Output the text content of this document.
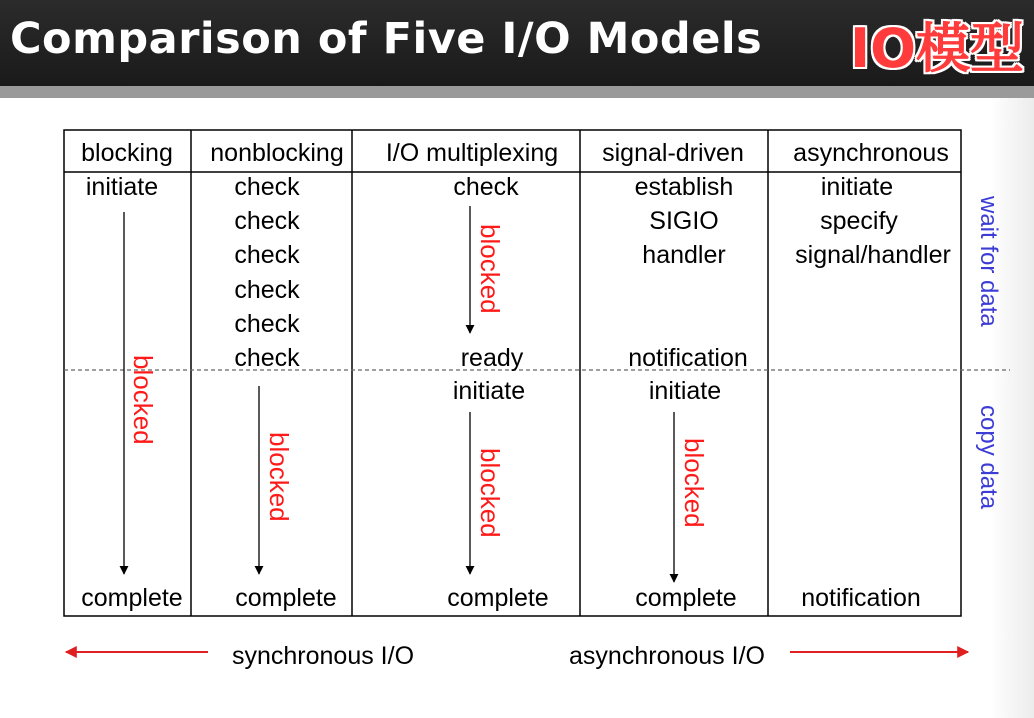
Comparison of Five I/O Models IO模型
blocking nonblocking I/O multiplexing signal-driven asynchronous
initiate
blocked
complete
check
check
check
check
check
check
blocked
complete
check
blocked
ready
initiate
blocked
complete
establish
SIGIO
handler
notification
initiate
blocked
complete
initiate
specify
signal/handler
notification
wait for data
copy data
synchronous I/O	asynchronous I/O
